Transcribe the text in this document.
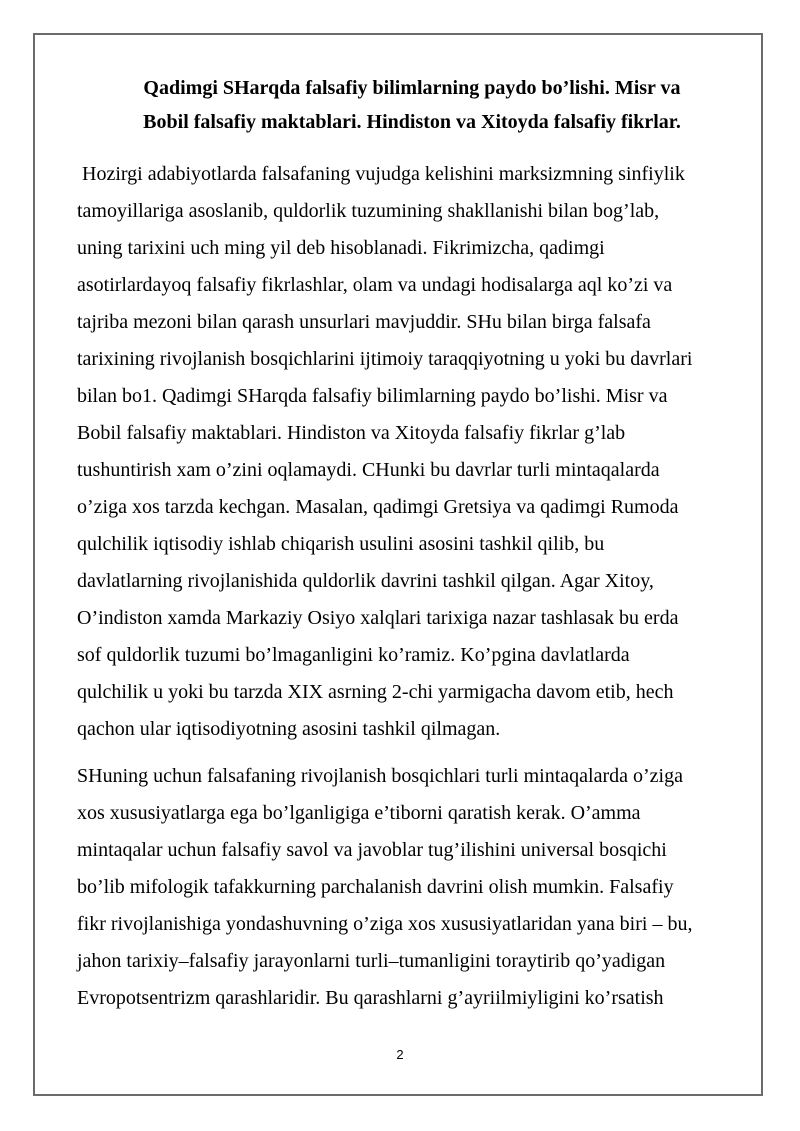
Qadimgi SHarqda falsafiy bilimlarning paydo bo’lishi. Misr va
Bobil falsafiy maktablari. Hindiston va Xitoyda falsafiy fikrlar.
Hozirgi adabiyotlarda falsafaning vujudga kelishini marksizmning sinfiylik
tamoyillariga asoslanib, quldorlik tuzumining shakllanishi bilan bog’lab,
uning tarixini uch ming yil deb hisoblanadi. Fikrimizcha, qadimgi
asotirlardayoq falsafiy fikrlashlar, olam va undagi hodisalarga aql ko’zi va
tajriba mezoni bilan qarash unsurlari mavjuddir. SHu bilan birga falsafa
tarixining rivojlanish bosqichlarini ijtimoiy taraqqiyotning u yoki bu davrlari
bilan bo1. Qadimgi SHarqda falsafiy bilimlarning paydo bo’lishi. Misr va
Bobil falsafiy maktablari. Hindiston va Xitoyda falsafiy fikrlar g’lab
tushuntirish xam o’zini oqlamaydi. CHunki bu davrlar turli mintaqalarda
o’ziga xos tarzda kechgan. Masalan, qadimgi Gretsiya va qadimgi Rumoda
qulchilik iqtisodiy ishlab chiqarish usulini asosini tashkil qilib, bu
davlatlarning rivojlanishida quldorlik davrini tashkil qilgan. Agar Xitoy,
O’indiston xamda Markaziy Osiyo xalqlari tarixiga nazar tashlasak bu erda
sof quldorlik tuzumi bo’lmaganligini ko’ramiz. Ko’pgina davlatlarda
qulchilik u yoki bu tarzda XIX asrning 2-chi yarmigacha davom etib, hech
qachon ular iqtisodiyotning asosini tashkil qilmagan.
SHuning uchun falsafaning rivojlanish bosqichlari turli mintaqalarda o’ziga
xos xususiyatlarga ega bo’lganligiga e’tiborni qaratish kerak. O’amma
mintaqalar uchun falsafiy savol va javoblar tug’ilishini universal bosqichi
bo’lib mifologik tafakkurning parchalanish davrini olish mumkin. Falsafiy
fikr rivojlanishiga yondashuvning o’ziga xos xususiyatlaridan yana biri – bu,
jahon tarixiy–falsafiy jarayonlarni turli–tumanligini toraytirib qo’yadigan
Evropotsentrizm qarashlaridir. Bu qarashlarni g’ayriilmiyligini ko’rsatish
2
